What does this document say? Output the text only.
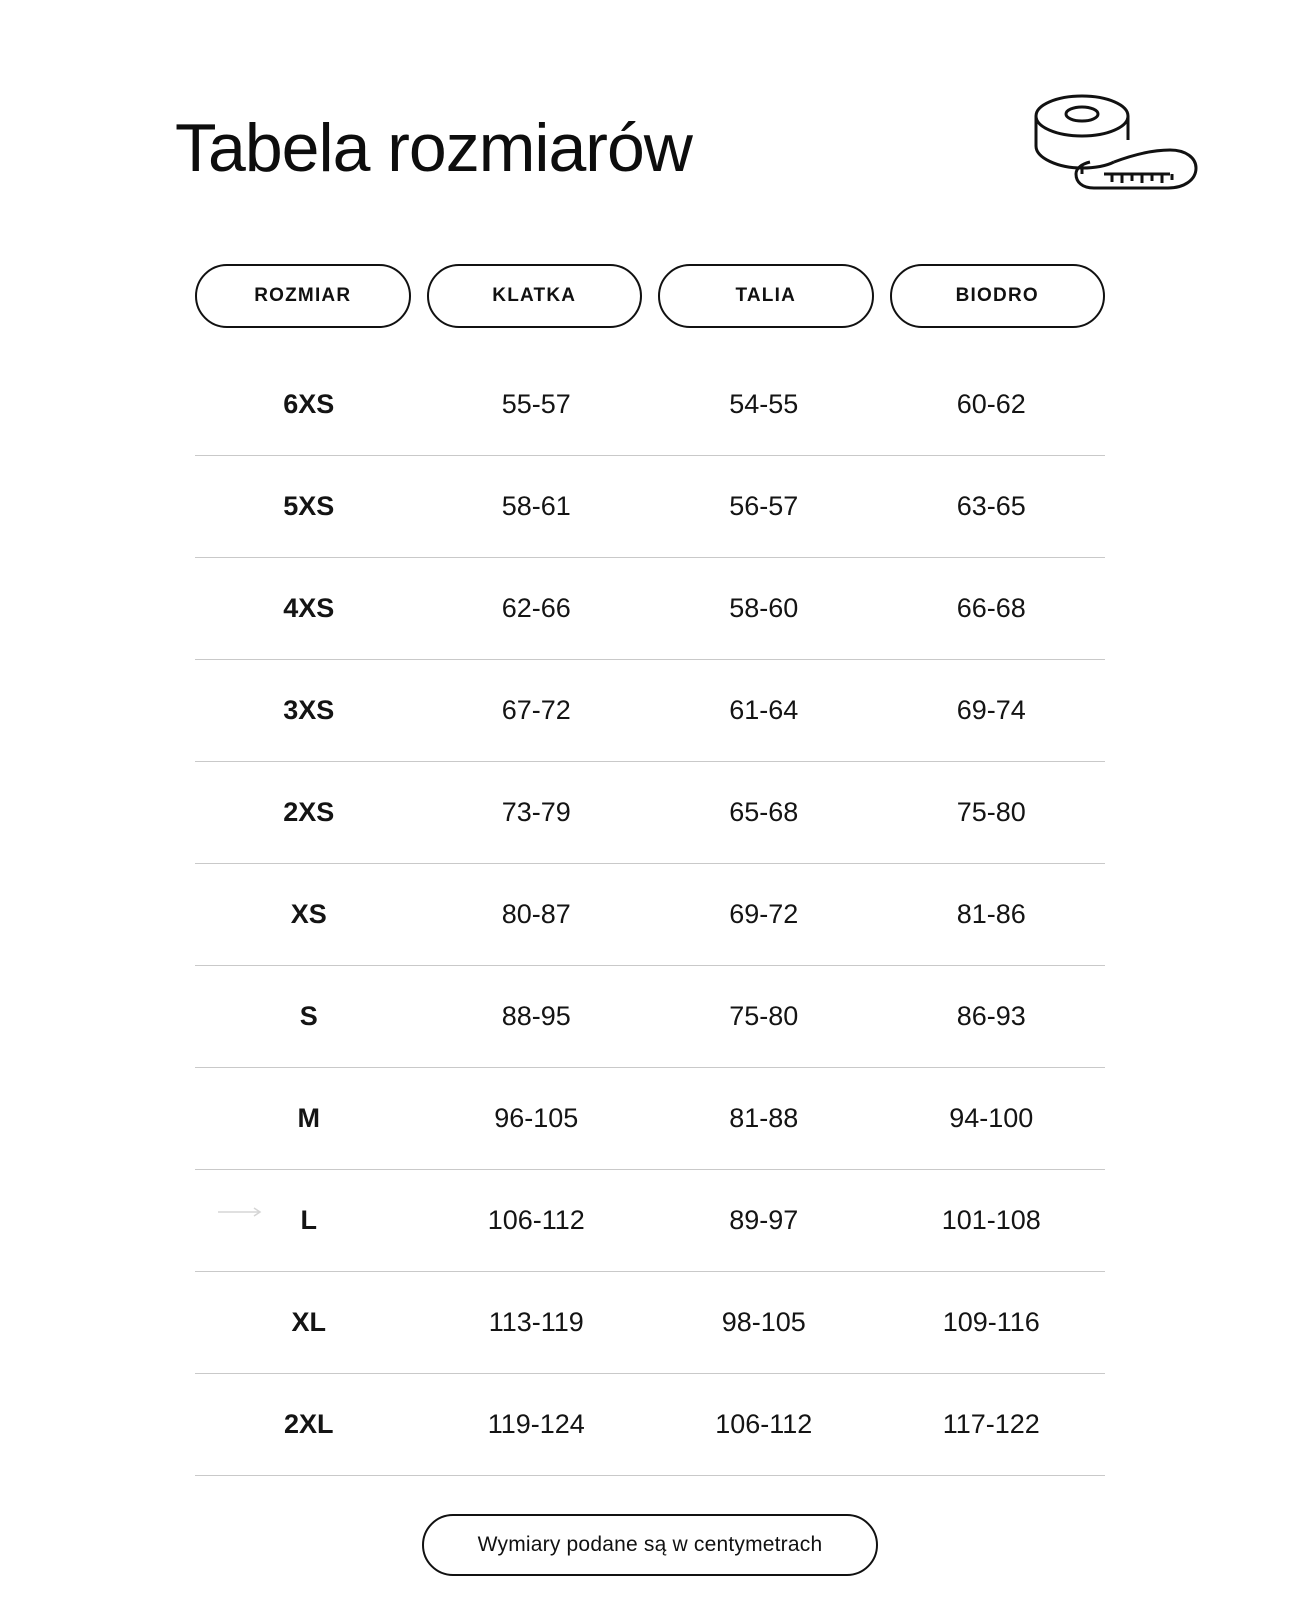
Tabela rozmiarów
ROZMIAR	KLATKA	TALIA	BIODRO
6XS	55-57	54-55	60-62
5XS	58-61	56-57	63-65
4XS	62-66	58-60	66-68
3XS	67-72	61-64	69-74
2XS	73-79	65-68	75-80
XS	80-87	69-72	81-86
S	88-95	75-80	86-93
M	96-105	81-88	94-100
L	106-112	89-97	101-108
XL	113-119	98-105	109-116
2XL	119-124	106-112	117-122
Wymiary podane są w centymetrach
